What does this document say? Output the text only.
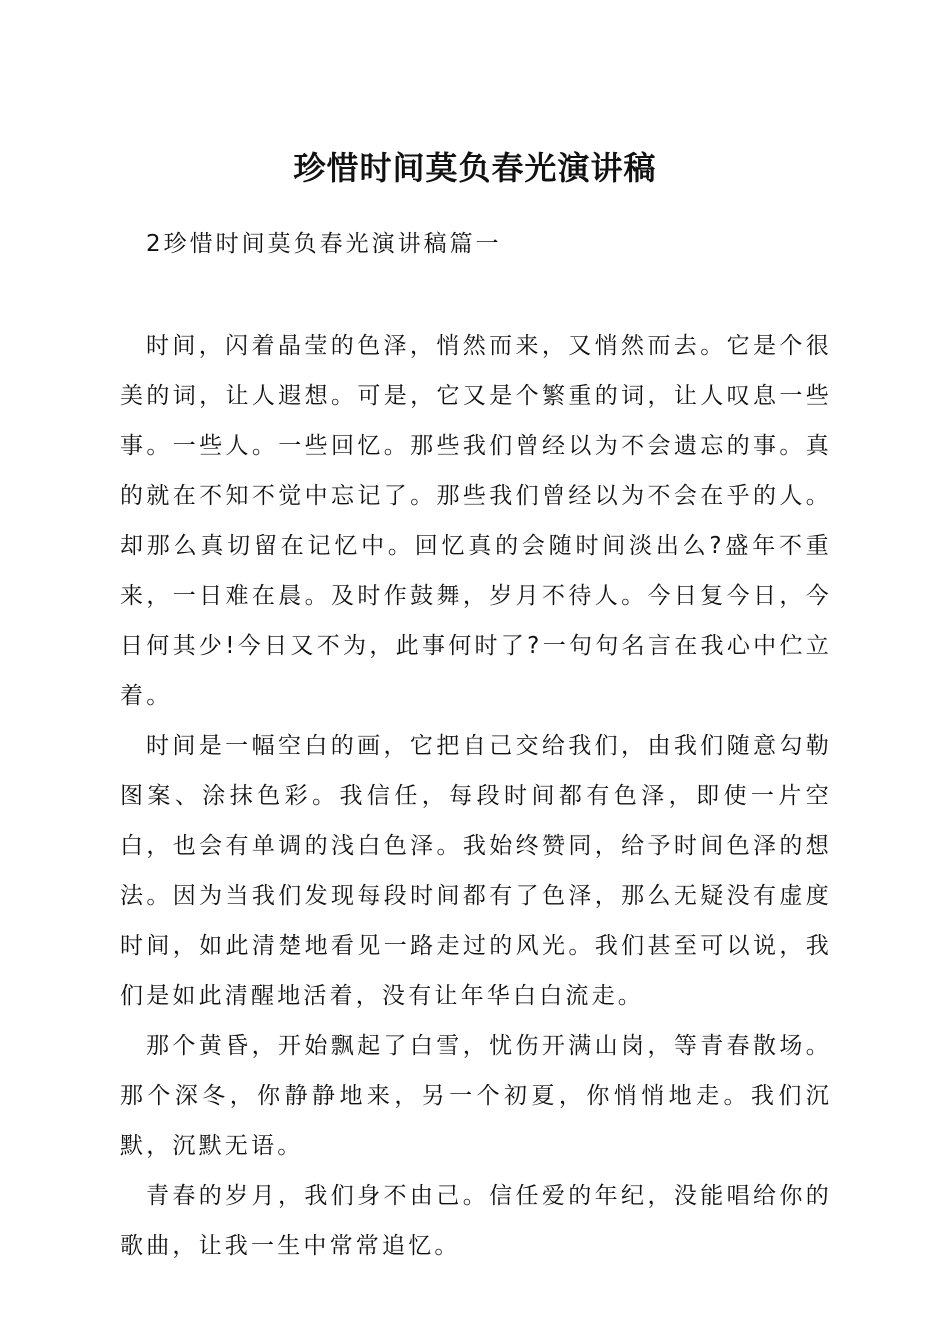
珍惜时间莫负春光演讲稿
2珍惜时间莫负春光演讲稿篇一

时间，闪着晶莹的色泽，悄然而来，又悄然而去。它是个很美的词，让人遐想。可是，它又是个繁重的词，让人叹息一些事。一些人。一些回忆。那些我们曾经以为不会遗忘的事。真的就在不知不觉中忘记了。那些我们曾经以为不会在乎的人。却那么真切留在记忆中。回忆真的会随时间淡出么?盛年不重来，一日难在晨。及时作鼓舞，岁月不待人。今日复今日，今日何其少!今日又不为，此事何时了?一句句名言在我心中伫立着。

时间是一幅空白的画，它把自己交给我们，由我们随意勾勒图案、涂抹色彩。我信任，每段时间都有色泽，即使一片空白，也会有单调的浅白色泽。我始终赞同，给予时间色泽的想法。因为当我们发现每段时间都有了色泽，那么无疑没有虚度时间，如此清楚地看见一路走过的风光。我们甚至可以说，我们是如此清醒地活着，没有让年华白白流走。

那个黄昏，开始飘起了白雪，忧伤开满山岗，等青春散场。那个深冬，你静静地来，另一个初夏，你悄悄地走。我们沉默，沉默无语。

青春的岁月，我们身不由己。信任爱的年纪，没能唱给你的歌曲，让我一生中常常追忆。
